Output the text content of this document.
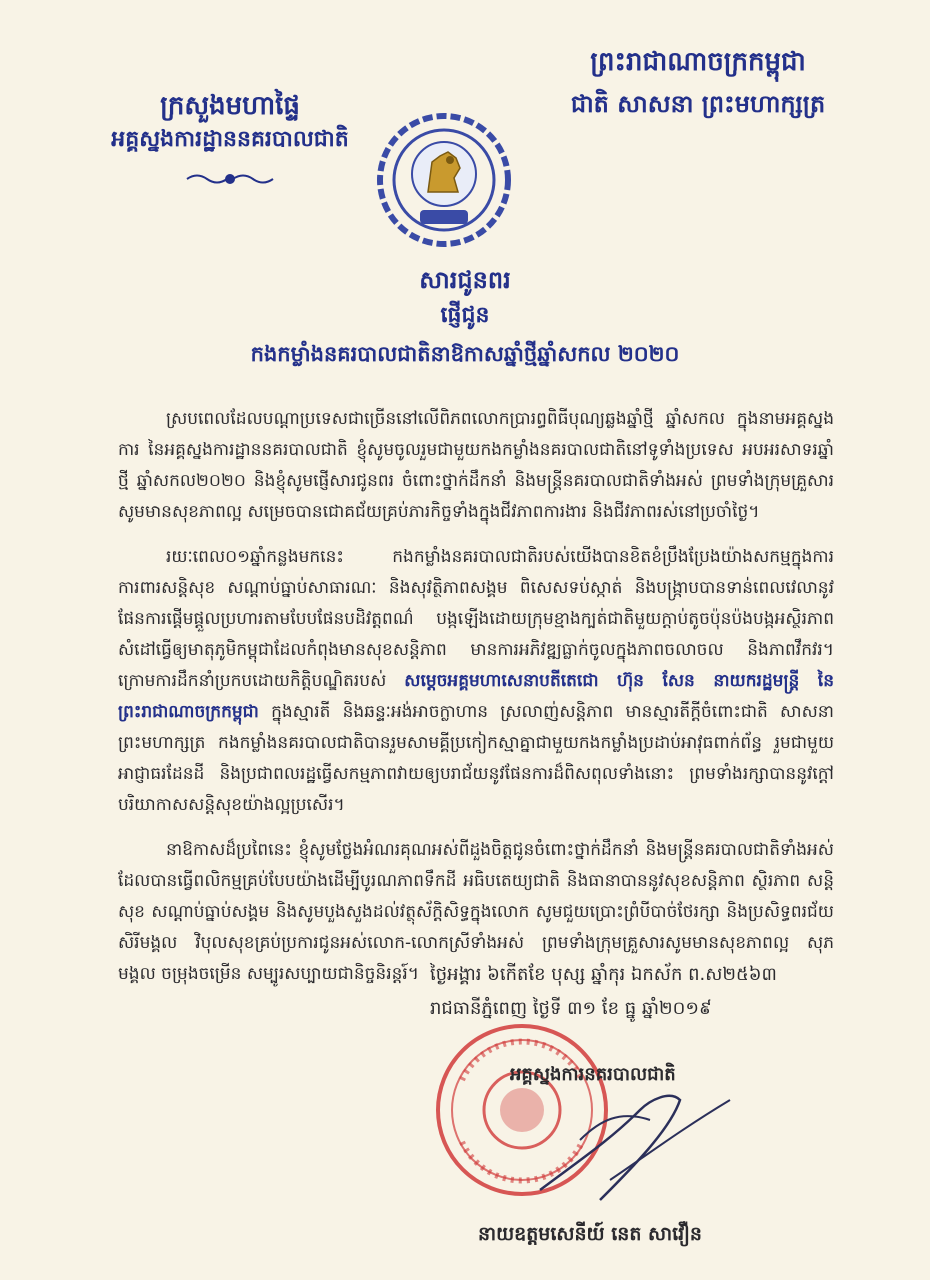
ក្រសួងមហាផ្ទៃ
អគ្គស្នងការដ្ឋាននគរបាលជាតិ
ព្រះរាជាណាចក្រកម្ពុជា
ជាតិ សាសនា ព្រះមហាក្សត្រ
សារជូនពរ
ផ្ញើជូន
កងកម្លាំងនគរបាលជាតិនាឱកាសឆ្នាំថ្មីឆ្នាំសកល ២០២០

ស្របពេលដែលបណ្តាប្រទេសជាច្រើននៅលើពិភពលោកប្រារព្ធពិធីបុណ្យឆ្លងឆ្នាំថ្មី ឆ្នាំសកល ក្នុងនាមអគ្គស្នងការ នៃអគ្គស្នងការដ្ឋាននគរបាលជាតិ ខ្ញុំសូមចូលរួមជាមួយកងកម្លាំងនគរបាលជាតិនៅទូទាំងប្រទេស អបអរសាទរឆ្នាំថ្មី ឆ្នាំសកល២០២០ និងខ្ញុំសូមផ្ញើសារជូនពរ ចំពោះថ្នាក់ដឹកនាំ និងមន្ត្រីនគរបាលជាតិទាំងអស់ ព្រមទាំងក្រុមគ្រួសារ សូមមានសុខភាពល្អ សម្រេចបានជោគជ័យគ្រប់ភារកិច្ចទាំងក្នុងជីវភាពការងារ និងជីវភាពរស់នៅប្រចាំថ្ងៃ។

រយៈពេល០១ឆ្នាំកន្លងមកនេះ កងកម្លាំងនគរបាលជាតិរបស់យើងបានខិតខំប្រឹងប្រែងយ៉ាងសកម្មក្នុងការការពារសន្តិសុខ សណ្តាប់ធ្នាប់សាធារណៈ និងសុវត្ថិភាពសង្គម ពិសេសទប់ស្កាត់ និងបង្ក្រាបបានទាន់ពេលវេលានូវផែនការផ្តើមផ្តួលប្រហារតាមបែបផែនបដិវត្តពណ៌ បង្កឡើងដោយក្រុមខ្មាងក្បត់ជាតិមួយក្តាប់តូចប៉ុនប៉ងបង្កអស្ថិរភាពសំដៅធ្វើឲ្យមាតុភូមិកម្ពុជាដែលកំពុងមានសុខសន្តិភាព មានការអភិវឌ្ឍធ្លាក់ចូលក្នុងភាពចលាចល និងភាពវឹកវរ។ ក្រោមការដឹកនាំប្រកបដោយកិត្តិបណ្ឌិតរបស់ សម្តេចអគ្គមហាសេនាបតីតេជោ ហ៊ុន សែន នាយករដ្ឋមន្ត្រី នៃព្រះរាជាណាចក្រកម្ពុជា ក្នុងស្មារតី និងឆន្ទៈអង់អាចក្លាហាន ស្រលាញ់សន្តិភាព មានស្មារតីក្តីចំពោះជាតិ សាសនា ព្រះមហាក្សត្រ កងកម្លាំងនគរបាលជាតិបានរួមសាមគ្គីប្រកៀកស្មាគ្នាជាមួយកងកម្លាំងប្រដាប់អាវុធពាក់ព័ន្ធ រួមជាមួយអាជ្ញាធរដែនដី និងប្រជាពលរដ្ឋធ្វើសកម្មភាពវាយឲ្យបរាជ័យនូវផែនការដ៏ពិសពុលទាំងនោះ ព្រមទាំងរក្សាបាននូវក្តៅបរិយាកាសសន្តិសុខយ៉ាងល្អប្រសើរ។

នាឱកាសដ៏ប្រពៃនេះ ខ្ញុំសូមថ្លែងអំណរគុណអស់ពីដួងចិត្តជូនចំពោះថ្នាក់ដឹកនាំ និងមន្ត្រីនគរបាលជាតិទាំងអស់ ដែលបានធ្វើពលិកម្មគ្រប់បែបយ៉ាងដើម្បីបូរណភាពទឹកដី អធិបតេយ្យជាតិ និងធានាបាននូវសុខសន្តិភាព ស្ថិរភាព សន្តិសុខ សណ្តាប់ធ្នាប់សង្គម និងសូមបួងសួងដល់វត្ថុស័ក្តិសិទ្ធក្នុងលោក សូមជួយប្រោះព្រំបីបាច់ថែរក្សា និងប្រសិទ្ធពរជ័យ សិរីមង្គល វិបុលសុខគ្រប់ប្រការជូនអស់លោក-លោកស្រីទាំងអស់ ព្រមទាំងក្រុមគ្រួសារសូមមានសុខភាពល្អ សុភមង្គល ចម្រុងចម្រើន សម្បូរសប្បាយជានិច្ចនិរន្តរ៍។ ថ្ងៃអង្គារ ៦កើតខែ បុស្ស ឆ្នាំកុរ ឯកស័ក ព.ស២៥៦៣
រាជធានីភ្នំពេញ ថ្ងៃទី ៣១ ខែ ធ្នូ ឆ្នាំ២០១៩
អគ្គស្នងការនគរបាលជាតិ
នាយឧត្តមសេនីយ៍ នេត សាវឿន
